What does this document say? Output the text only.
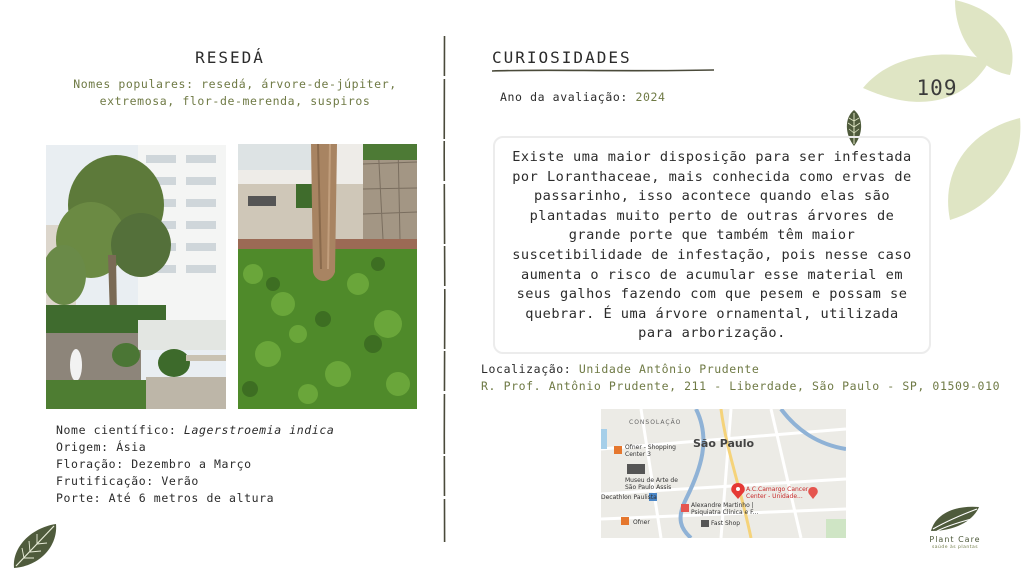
109
RESEDÁ
Nomes populares: resedá, árvore-de-júpiter, extremosa, flor-de-merenda, suspiros
Nome científico: Lagerstroemia indica
Origem: Ásia
Floração: Dezembro a Março
Frutificação: Verão
Porte: Até 6 metros de altura
CURIOSIDADES
Ano da avaliação: 2024
Existe uma maior disposição para ser infestada por Loranthaceae, mais conhecida como ervas de passarinho, isso acontece quando elas são plantadas muito perto de outras árvores de grande porte que também têm maior suscetibilidade de infestação, pois nesse caso aumenta o risco de acumular esse material em seus galhos fazendo com que pesem e possam se quebrar. É uma árvore ornamental, utilizada para arborização.
Localização: Unidade Antônio Prudente
R. Prof. Antônio Prudente, 211 - Liberdade, São Paulo - SP, 01509-010
CONSOLAÇÃO
São Paulo
Ofner - Shopping Center 3
Museu de Arte de São Paulo Assis
Decathlon Paulista
Alexandre Martinho | Psiquiatra Clínica e F...
A.C.Camargo Cancer Center - Unidade...
Fast Shop
Ofner
Plant Care
saúde às plantas
